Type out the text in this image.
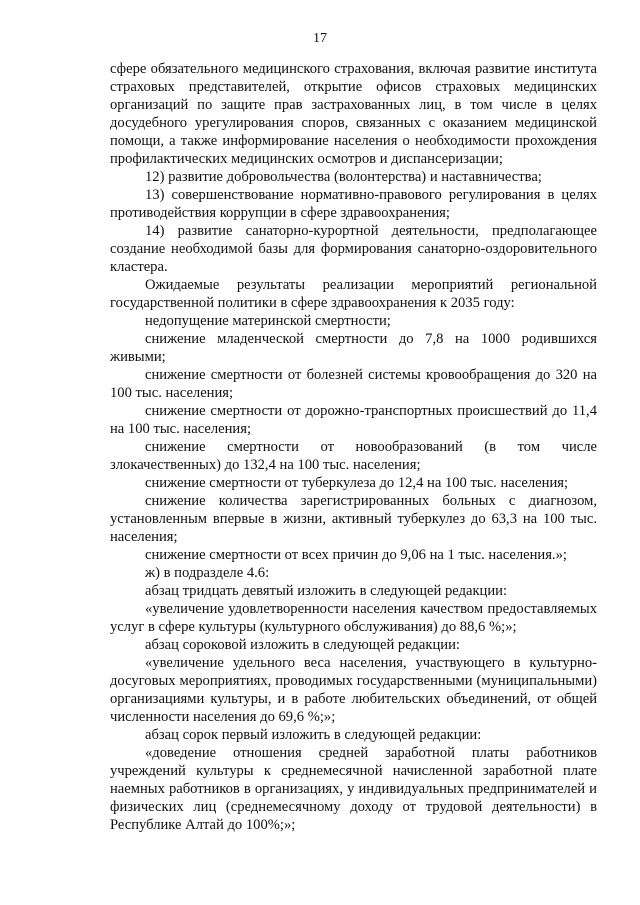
17

сфере обязательного медицинского страхования, включая развитие института страховых представителей, открытие офисов страховых медицинских организаций по защите прав застрахованных лиц, в том числе в целях досудебного урегулирования споров, связанных с оказанием медицинской помощи, а также информирование населения о необходимости прохождения профилактических медицинских осмотров и диспансеризации;

12) развитие добровольчества (волонтерства) и наставничества;

13) совершенствование нормативно-правового регулирования в целях противодействия коррупции в сфере здравоохранения;

14) развитие санаторно-курортной деятельности, предполагающее создание необходимой базы для формирования санаторно-оздоровительного кластера.

Ожидаемые результаты реализации мероприятий региональной государственной политики в сфере здравоохранения к 2035 году:

недопущение материнской смертности;

снижение младенческой смертности до 7,8 на 1000 родившихся живыми;

снижение смертности от болезней системы кровообращения до 320 на 100 тыс. населения;

снижение смертности от дорожно-транспортных происшествий до 11,4 на 100 тыс. населения;

снижение смертности от новообразований (в том числе злокачественных) до 132,4 на 100 тыс. населения;

снижение смертности от туберкулеза до 12,4 на 100 тыс. населения;

снижение количества зарегистрированных больных с диагнозом, установленным впервые в жизни, активный туберкулез до 63,3 на 100 тыс. населения;

снижение смертности от всех причин до 9,06 на 1 тыс. населения.»;

ж) в подразделе 4.6:

абзац тридцать девятый изложить в следующей редакции:

«увеличение удовлетворенности населения качеством предоставляемых услуг в сфере культуры (культурного обслуживания) до 88,6 %;»;

абзац сороковой изложить в следующей редакции:

«увеличение удельного веса населения, участвующего в культурно-досуговых мероприятиях, проводимых государственными (муниципальными) организациями культуры, и в работе любительских объединений, от общей численности населения до 69,6 %;»;

абзац сорок первый изложить в следующей редакции:

«доведение отношения средней заработной платы работников учреждений культуры к среднемесячной начисленной заработной плате наемных работников в организациях, у индивидуальных предпринимателей и физических лиц (среднемесячному доходу от трудовой деятельности) в Республике Алтай до 100%;»;
